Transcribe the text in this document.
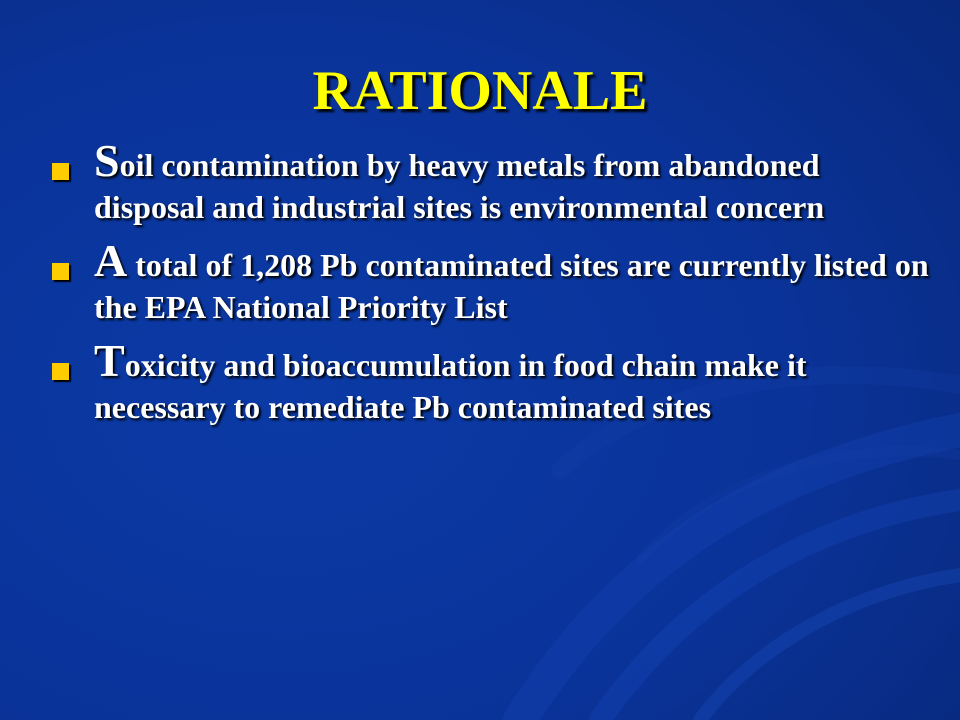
RATIONALE
Soil contamination by heavy metals from abandoned disposal and industrial sites is environmental concern
A total of 1,208 Pb contaminated sites are currently listed on the EPA National Priority List
Toxicity and bioaccumulation in food chain make it necessary to remediate Pb contaminated sites
